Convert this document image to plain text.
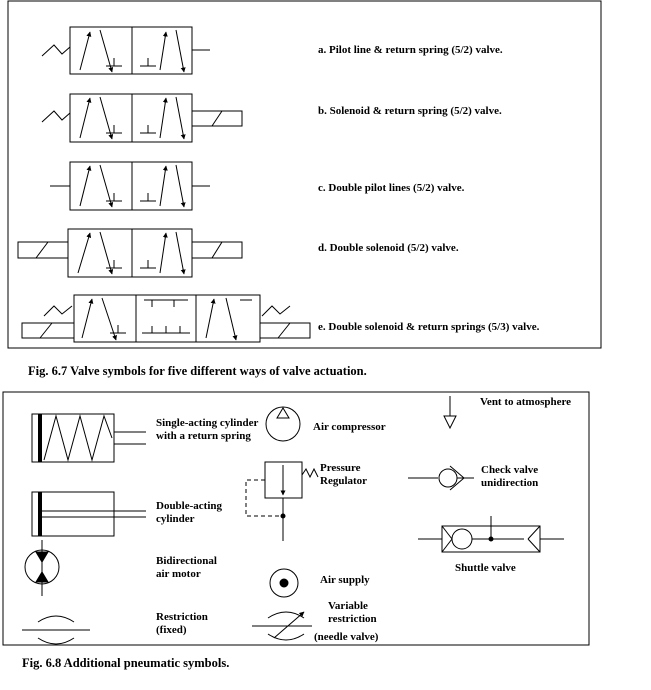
a. Pilot line & return spring (5/2) valve.
b. Solenoid & return spring (5/2) valve.
c. Double pilot lines (5/2) valve.
d. Double solenoid (5/2) valve.
e. Double solenoid & return springs (5/3) valve.
Fig. 6.7 Valve symbols for five different ways of valve actuation.
Single-acting cylinder with a return spring
Double-acting cylinder
Bidirectional air motor
Restriction (fixed)
Air compressor
Pressure Regulator
Air supply
Variable restriction
(needle valve)
Vent to atmosphere
Check valve unidirection
Shuttle valve
Fig. 6.8 Additional pneumatic symbols.
